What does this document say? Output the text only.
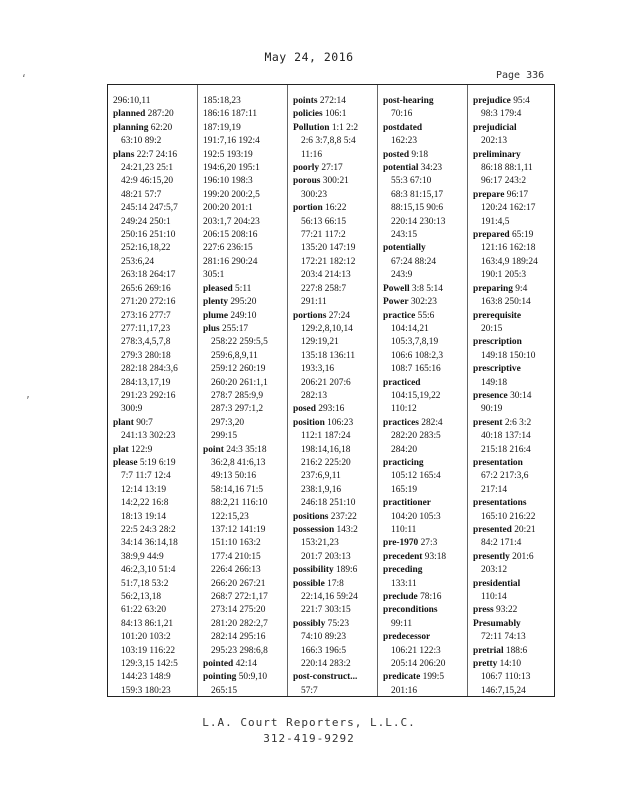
May 24, 2016
Page 336
‘
’
296:10,11
planned 287:20
planning 62:20
63:10 89:2
plans 22:7 24:16
24:21,23 25:1
42:9 46:15,20
48:21 57:7
245:14 247:5,7
249:24 250:1
250:16 251:10
252:16,18,22
253:6,24
263:18 264:17
265:6 269:16
271:20 272:16
273:16 277:7
277:11,17,23
278:3,4,5,7,8
279:3 280:18
282:18 284:3,6
284:13,17,19
291:23 292:16
300:9
plant 90:7
241:13 302:23
plat 122:9
please 5:19 6:19
7:7 11:7 12:4
12:14 13:19
14:2,22 16:8
18:13 19:14
22:5 24:3 28:2
34:14 36:14,18
38:9,9 44:9
46:2,3,10 51:4
51:7,18 53:2
56:2,13,18
61:22 63:20
84:13 86:1,21
101:20 103:2
103:19 116:22
129:3,15 142:5
144:23 148:9
159:3 180:23
185:18,23
186:16 187:11
187:19,19
191:7,16 192:4
192:5 193:19
194:6,20 195:1
196:10 198:3
199:20 200:2,5
200:20 201:1
203:1,7 204:23
206:15 208:16
227:6 236:15
281:16 290:24
305:1
pleased 5:11
plenty 295:20
plume 249:10
plus 255:17
258:22 259:5,5
259:6,8,9,11
259:12 260:19
260:20 261:1,1
278:7 285:9,9
287:3 297:1,2
297:3,20
299:15
point 24:3 35:18
36:2,8 41:6,13
49:13 50:16
58:14,16 71:5
88:2,21 116:10
122:15,23
137:12 141:19
151:10 163:2
177:4 210:15
226:4 266:13
266:20 267:21
268:7 272:1,17
273:14 275:20
281:20 282:2,7
282:14 295:16
295:23 298:6,8
pointed 42:14
pointing 50:9,10
265:15
points 272:14
policies 106:1
Pollution 1:1 2:2
2:6 3:7,8,8 5:4
11:16
poorly 27:17
porous 300:21
300:23
portion 16:22
56:13 66:15
77:21 117:2
135:20 147:19
172:21 182:12
203:4 214:13
227:8 258:7
291:11
portions 27:24
129:2,8,10,14
129:19,21
135:18 136:11
193:3,16
206:21 207:6
282:13
posed 293:16
position 106:23
112:1 187:24
198:14,16,18
216:2 225:20
237:6,9,11
238:1,9,16
246:18 251:10
positions 237:22
possession 143:2
153:21,23
201:7 203:13
possibility 189:6
possible 17:8
22:14,16 59:24
221:7 303:15
possibly 75:23
74:10 89:23
166:3 196:5
220:14 283:2
post-construct...
57:7
post-hearing
70:16
postdated
162:23
posted 9:18
potential 34:23
55:3 67:10
68:3 81:15,17
88:15,15 90:6
220:14 230:13
243:15
potentially
67:24 88:24
243:9
Powell 3:8 5:14
Power 302:23
practice 55:6
104:14,21
105:3,7,8,19
106:6 108:2,3
108:7 165:16
practiced
104:15,19,22
110:12
practices 282:4
282:20 283:5
284:20
practicing
105:12 165:4
165:19
practitioner
104:20 105:3
110:11
pre-1970 27:3
precedent 93:18
preceding
133:11
preclude 78:16
preconditions
99:11
predecessor
106:21 122:3
205:14 206:20
predicate 199:5
201:16
prejudice 95:4
98:3 179:4
prejudicial
202:13
preliminary
86:18 88:1,11
96:17 243:2
prepare 96:17
120:24 162:17
191:4,5
prepared 65:19
121:16 162:18
163:4,9 189:24
190:1 205:3
preparing 9:4
163:8 250:14
prerequisite
20:15
prescription
149:18 150:10
prescriptive
149:18
presence 30:14
90:19
present 2:6 3:2
40:18 137:14
215:18 216:4
presentation
67:2 217:3,6
217:14
presentations
165:10 216:22
presented 20:21
84:2 171:4
presently 201:6
203:12
presidential
110:14
press 93:22
Presumably
72:11 74:13
pretrial 188:6
pretty 14:10
106:7 110:13
146:7,15,24
L.A. Court Reporters, L.L.C.
312-419-9292
